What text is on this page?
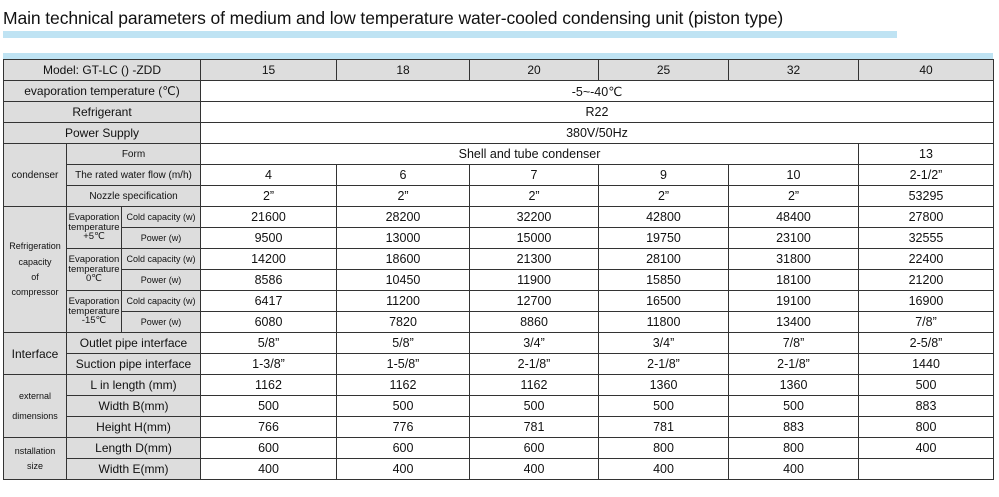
Main technical parameters of medium and low temperature water-cooled condensing unit (piston type)
Model: GT-LC () -ZDD			15	18	20	25	32	40
evaporation temperature (℃)			-5~-40℃					
Refrigerant			R22					
Power Supply			380V/50Hz					
condenser	Form		Shell and tube condenser					13
	The rated water flow (m/h)		4	6	7	9	10	2-1/2”
	Nozzle specification		2”	2”	2”	2”	2”	53295

Refrigeration
capacity
of
compressor	Evaporation temperature +5℃	Cold capacity (w)	21600	28200	32200	42800	48400	27800
		Power (w)	9500	13000	15000	19750	23100	32555
	Evaporation temperature 0℃	Cold capacity (w)	14200	18600	21300	28100	31800	22400
		Power (w)	8586	10450	11900	15850	18100	21200
	Evaporation temperature -15℃	Cold capacity (w)	6417	11200	12700	16500	19100	16900
		Power (w)	6080	7820	8860	11800	13400	7/8”
Interface	Outlet pipe interface		5/8”	5/8”	3/4”	3/4”	7/8”	2-5/8”
	Suction pipe interface		1-3/8”	1-5/8”	2-1/8”	2-1/8”	2-1/8”	1440

external
dimensions	L in length (mm)		1162	1162	1162	1360	1360	500
	Width B(mm)		500	500	500	500	500	883
	Height H(mm)		766	776	781	781	883	800

nstallation
size	Length D(mm)		600	600	600	800	800	400
	Width E(mm)		400	400	400	400	400	
